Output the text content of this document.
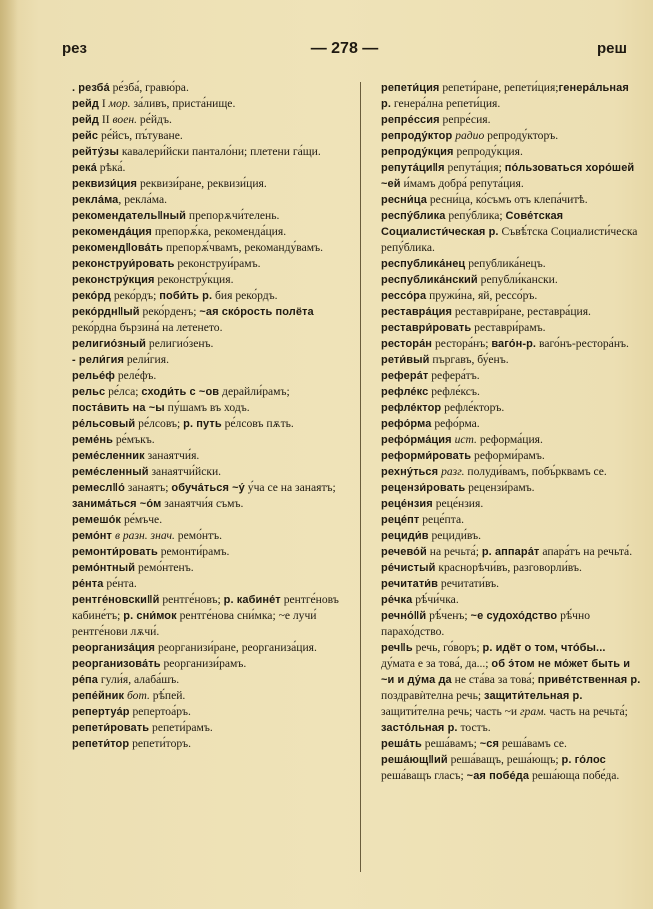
рез	— 278 —	реш

. резба́ ре́зба́, гравю́ра.

рейд I мор. за́ливъ, приста́нище.

рейд II воен. ре́йдъ.

рейс ре́йсъ, пъ́туване.

рейту́зы кавалери́йски пантало́ни; плетени га́щи.

река́ рѣка́.

реквизи́ция реквизи́ране, реквизи́ция.

рекла́ма, рекла́ма.

рекомендатель‖ный препорѫчи́телень.

рекоменда́ция препорѫ́ка, рекоменда́ция.

рекоменд‖ова́ть препорѫ́чвамъ, рекоманду́вамъ.

реконструи́ровать реконструи́рамъ.

реконстру́кция реконстру́кция.

реко́рд реко́рдъ; поби́ть р. бия реко́рдъ.

реко́рдн‖ый реко́рденъ; ~ая ско́рость полёта реко́рдна бързина́ на летенето.

религио́зный религио́зенъ.

- рели́гия рели́гия.

релье́ф реле́фъ.

рельс ре́лса; сходи́ть с ~ов дерайли́рамъ; поста́вить на ~ы пу́шамъ въ ходъ.

ре́льсовый ре́лсовъ; р. путь ре́лсовъ пѫть.

реме́нь ре́мъкъ.

реме́сленник занаятчи́я.

реме́сленный занаятчи́йски.

ремесл‖о́ занаятъ; обуча́ться ~у́ у́ча се на занаятъ; занима́ться ~о́м занаятчи́я съмъ.

ремешо́к ре́мъче.

ремо́нт в разн. знач. ремо́нтъ.

ремонти́ровать ремонти́рамъ.

ремо́нтный ремо́нтенъ.

ре́нта ре́нта.

рентге́новски‖й рентге́новъ; р. кабине́т рентге́новъ кабине́тъ; р. сни́мок рентге́нова сни́мка; ~е лучи́ рентге́нови лѫчи́.

реорганиза́ция реорганизи́ране, реорганиза́ция.

реорганизова́ть реорганизи́рамъ.

ре́па гули́я, алаба́шъ.

репе́йник бот. рѣ́пей.

репертуа́р репертоа́ръ.

репети́ровать репети́рамъ.

репети́тор репети́торъ.

репети́ция репети́ране, репети́ция;генера́льная р. генера́лна репети́ция.

репре́ссия репре́сия.

репроду́ктор радио репроду́кторъ.

репроду́кция репроду́кция.

репута́ци‖я репута́ция; по́льзоваться хоро́шей ~ей и́мамъ добра́ репута́ция.

ресни́ца ресни́ца, ко́съмъ отъ клепа́читѣ.

респу́блика репу́блика; Сове́тская Социалисти́ческая р. Съвѣ́тска Социалисти́ческа репу́блика.

республика́нец република́нецъ.

республика́нский републи́кански.

рессо́ра пружи́на, яй, рессо́ръ.

реставра́ция реставри́ране, реставра́ция.

реставри́ровать реставри́рамъ.

рестора́н рестора́нъ; ваго́н-р. ваго́нъ-рестора́нъ.

рети́вый пъргавъ, бу́енъ.

рефера́т рефера́тъ.

рефле́кс рефле́ксъ.

рефле́ктор рефле́кторъ.

рефо́рма рефо́рма.

рефо́рма́ция ист. реформа́ция.

реформи́ровать реформи́рамъ.

рехну́ться разг. полуди́вамъ, побъ́рквамъ се.

рецензи́ровать рецензи́рамъ.

реце́нзия реце́нзия.

реце́пт реце́пта.

рециди́в рециди́въ.

речево́й на речьта́; р. аппара́т апара́тъ на речьта́.

ре́чистый краснорѣчи́въ, разговорли́въ.

речитати́в речитати́въ.

ре́чка рѣ́чи́чка.

речно́‖й рѣ́ченъ; ~е судохо́дство рѣ́чно парахо́дство.

реч‖ь речь, го́воръ; р. идёт о том, что́бы... ду́мата е за това́, да...; об э́том не мо́жет быть и ~и и ду́ма да не ста́ва за това́; приве́тственная р. поздравѝтелна речь; защити́тельная р. защити́телна речь; часть ~и грам. часть на речьта́; засто́льная р. тостъ.

реша́ть реша́вамъ; ~ся реша́вамъ се.

реша́ющ‖ий реша́ващъ, реша́ющъ; р. го́лос реша́ващъ гласъ; ~ая побе́да реша́юща побе́да.
